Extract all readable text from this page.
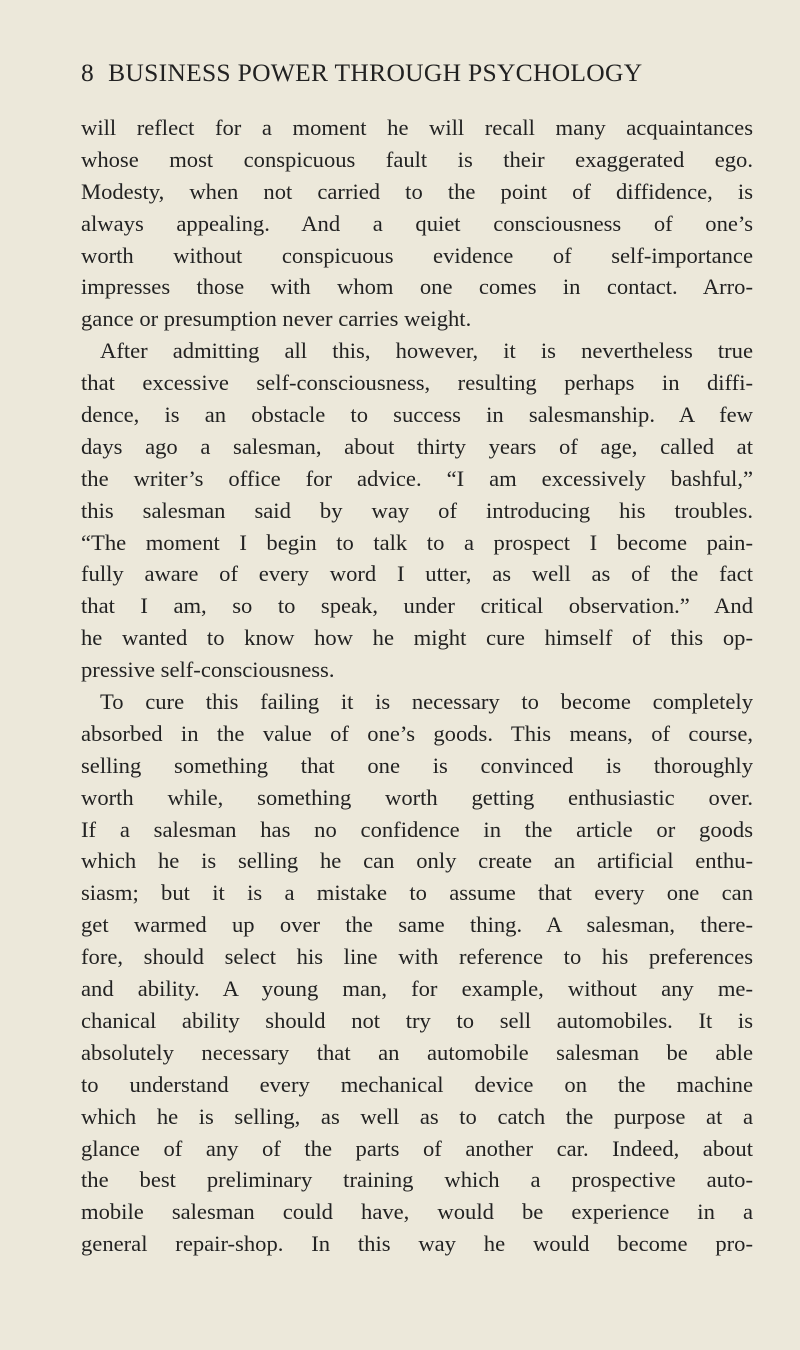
8 BUSINESS POWER THROUGH PSYCHOLOGY
will reflect for a moment he will recall many acquaintances
whose most conspicuous fault is their exaggerated ego.
Modesty, when not carried to the point of diffidence, is
always appealing. And a quiet consciousness of one’s
worth without conspicuous evidence of self-importance
impresses those with whom one comes in contact. Arro-
gance or presumption never carries weight.
After admitting all this, however, it is nevertheless true
that excessive self-consciousness, resulting perhaps in diffi-
dence, is an obstacle to success in salesmanship. A few
days ago a salesman, about thirty years of age, called at
the writer’s office for advice. “I am excessively bashful,”
this salesman said by way of introducing his troubles.
“The moment I begin to talk to a prospect I become pain-
fully aware of every word I utter, as well as of the fact
that I am, so to speak, under critical observation.” And
he wanted to know how he might cure himself of this op-
pressive self-consciousness.
To cure this failing it is necessary to become completely
absorbed in the value of one’s goods. This means, of course,
selling something that one is convinced is thoroughly
worth while, something worth getting enthusiastic over.
If a salesman has no confidence in the article or goods
which he is selling he can only create an artificial enthu-
siasm; but it is a mistake to assume that every one can
get warmed up over the same thing. A salesman, there-
fore, should select his line with reference to his preferences
and ability. A young man, for example, without any me-
chanical ability should not try to sell automobiles. It is
absolutely necessary that an automobile salesman be able
to understand every mechanical device on the machine
which he is selling, as well as to catch the purpose at a
glance of any of the parts of another car. Indeed, about
the best preliminary training which a prospective auto-
mobile salesman could have, would be experience in a
general repair-shop. In this way he would become pro-
